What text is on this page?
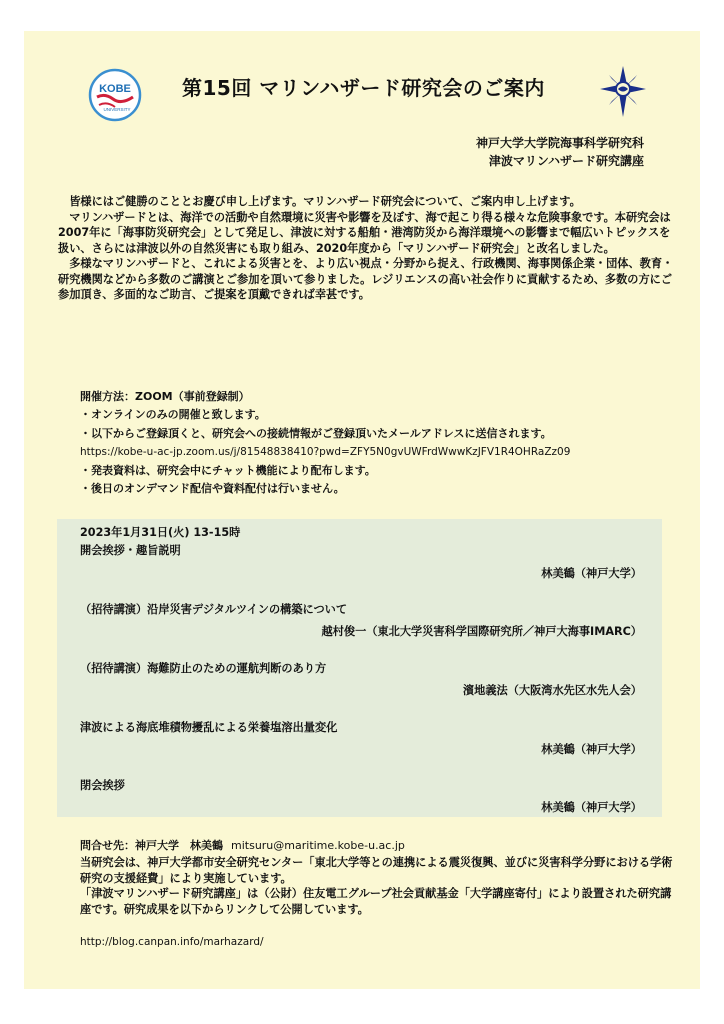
KOBE
UNIVERSITY
第15回 マリンハザード研究会のご案内
神戸大学大学院海事科学研究科
津波マリンハザード研究講座

皆様にはご健勝のこととお慶び申し上げます。マリンハザード研究会について、ご案内申し上げます。

マリンハザードとは、海洋での活動や自然環境に災害や影響を及ぼす、海で起こり得る様々な危険事象です。本研究会は2007年に「海事防災研究会」として発足し、津波に対する船舶・港湾防災から海洋環境への影響まで幅広いトピックスを扱い、さらには津波以外の自然災害にも取り組み、2020年度から「マリンハザード研究会」と改名しました。

多様なマリンハザードと、これによる災害とを、より広い視点・分野から捉え、行政機関、海事関係企業・団体、教育・研究機関などから多数のご講演とご参加を頂いて参りました。レジリエンスの高い社会作りに貢献するため、多数の方にご参加頂き、多面的なご助言、ご提案を頂戴できれば幸甚です。

開催方法：ZOOM（事前登録制）
・オンラインのみの開催と致します。
・以下からご登録頂くと、研究会への接続情報がご登録頂いたメールアドレスに送信されます。
https://kobe-u-ac-jp.zoom.us/j/81548838410?pwd=ZFY5N0gvUWFrdWwwKzJFV1R4OHRaZz09
・発表資料は、研究会中にチャット機能により配布します。
・後日のオンデマンド配信や資料配付は行いません。
2023年1月31日(火) 13-15時
開会挨拶・趣旨説明
林美鶴（神戸大学）
（招待講演）沿岸災害デジタルツインの構築について
越村俊一（東北大学災害科学国際研究所／神戸大海事IMARC）
（招待講演）海難防止のための運航判断のあり方
濱地義法（大阪湾水先区水先人会）
津波による海底堆積物擾乱による栄養塩溶出量変化
林美鶴（神戸大学）
閉会挨拶
林美鶴（神戸大学）
問合せ先：神戸大学　林美鶴 mitsuru@maritime.kobe-u.ac.jp

当研究会は、神戸大学都市安全研究センター「東北大学等との連携による震災復興、並びに災害科学分野における学術研究の支援経費」により実施しています。

「津波マリンハザード研究講座」は（公財）住友電工グループ社会貢献基金「大学講座寄付」により設置された研究講座です。研究成果を以下からリンクして公開しています。

http://blog.canpan.info/marhazard/
